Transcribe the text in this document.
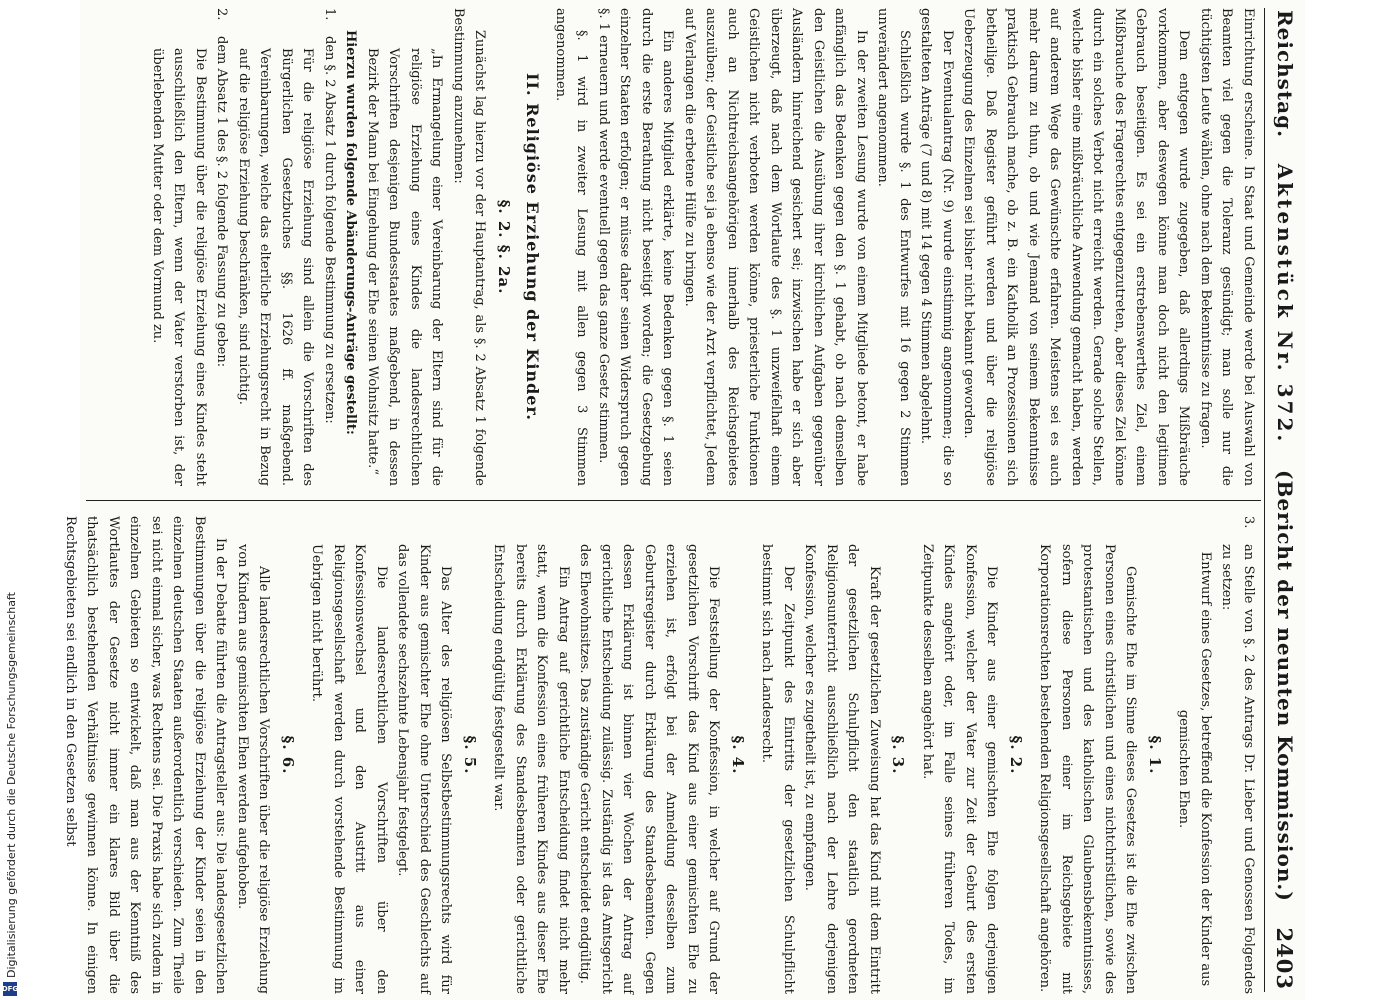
Digitalisierung gefördert durch die Deutsche Forschungsgemeinschaft
DFG
Reichstag.
Aktenstück Nr. 372.
(Bericht der neunten Kommission.)
2403

Einrichtung erscheine. In Staat und Gemeinde werde bei Auswahl von Beamten viel gegen die Toleranz gesündigt; man solle nur die tüchtigsten Leute wählen, ohne nach dem Bekenntnisse zu fragen.

Dem entgegen wurde zugegeben, daß allerdings Mißbräuche vorkommen, aber deswegen könne man doch nicht den legitimen Gebrauch beseitigen. Es sei ein erstrebenswerthes Ziel, einem Mißbrauche des Fragerechtes entgegenzutreten, aber dieses Ziel könne durch ein solches Verbot nicht erreicht werden. Gerade solche Stellen, welche bisher eine mißbräuchliche Anwendung gemacht haben, werden auf anderem Wege das Gewünschte erfahren. Meistens sei es auch mehr darum zu thun, ob und wie Jemand von seinem Bekenntnisse praktisch Gebrauch mache, ob z. B. ein Katholik an Prozessionen sich betheilige. Daß Register geführt werden und über die religiöse Ueberzeugung des Einzelnen sei bisher nicht bekannt geworden.

Der Eventualantrag (Nr. 9) wurde einstimmig angenommen; die so gestalteten Anträge (7 und 8) mit 14 gegen 4 Stimmen abgelehnt.

Schließlich wurde §. 1 des Entwurfes mit 16 gegen 2 Stimmen unverändert angenommen.

In der zweiten Lesung wurde von einem Mitgliede betont, er habe anfänglich das Bedenken gegen den §. 1 gehabt, ob nach demselben den Geistlichen die Ausübung ihrer kirchlichen Aufgaben gegenüber Ausländern hinreichend gesichert sei; inzwischen habe er sich aber überzeugt, daß nach dem Wortlaute des §. 1 unzweifelhaft einem Geistlichen nicht verboten werden könne, priesterliche Funktionen auch an Nichtreichsangehörigen innerhalb des Reichsgebietes auszuüben; der Geistliche sei ja ebenso wie der Arzt verpflichtet, Jedem auf Verlangen die erbetene Hülfe zu bringen.

Ein anderes Mitglied erklärte, keine Bedenken gegen §. 1 seien durch die erste Berathung nicht beseitigt worden; die Gesetzgebung einzelner Staaten erfolgen; er müsse daher seinen Widerspruch gegen §. 1 erneuern und werde eventuell gegen das ganze Gesetz stimmen.

§. 1 wird in zweiter Lesung mit allen gegen 3 Stimmen angenommen.

II. Religiöse Erziehung der Kinder.
§. 2. §. 2a.

Zunächst lag hierzu vor der Hauptantrag, als §. 2 Absatz 1 folgende Bestimmung anzunehmen:

„In Ermangelung einer Vereinbarung der Eltern sind für die religiöse Erziehung eines Kindes die landesrechtlichen Vorschriften desjenigen Bundesstaates maßgebend, in dessen Bezirk der Mann bei Eingehung der Ehe seinen Wohnsitz hatte.“

Hierzu wurden folgende Abänderungs-Anträge gestellt:

1.
den §. 2 Absatz 1 durch folgende Bestimmung zu ersetzen:

Für die religiöse Erziehung sind allein die Vorschriften des Bürgerlichen Gesetzbuches §§. 1626 ff. maßgebend. Vereinbarungen, welche das elterliche Erziehungsrecht in Bezug auf die religiöse Erziehung beschränken, sind nichtig.

2.
dem Absatz 1 des §. 2 folgende Fassung zu geben:

Die Bestimmung über die religiöse Erziehung eines Kindes steht ausschließlich den Eltern, wenn der Vater verstorben ist, der überlebenden Mutter oder dem Vormund zu.

3.
an Stelle von §. 2 des Antrags Dr. Lieber und Genossen Folgendes zu setzen:

Entwurf eines Gesetzes, betreffend die Konfession der Kinder aus gemischten Ehen.

§. 1.

Gemischte Ehe im Sinne dieses Gesetzes ist die Ehe zwischen Personen eines christlichen und eines nichtchristlichen, sowie des protestantischen und des katholischen Glaubensbekenntnisses, sofern diese Personen einer im Reichsgebiete mit Korporationsrechten bestehenden Religionsgesellschaft angehören.

§. 2.

Die Kinder aus einer gemischten Ehe folgen derjenigen Konfession, welcher der Vater zur Zeit der Geburt des ersten Kindes angehört oder, im Falle seines früheren Todes, im Zeitpunkte desselben angehört hat.

§. 3.

Kraft der gesetzlichen Zuweisung hat das Kind mit dem Eintritt der gesetzlichen Schulpflicht den staatlich geordneten Religionsunterricht ausschließlich nach der Lehre derjenigen Konfession, welcher es zugetheilt ist, zu empfangen.

Der Zeitpunkt des Eintritts der gesetzlichen Schulpflicht bestimmt sich nach Landesrecht.

§. 4.

Die Feststellung der Konfession, in welcher auf Grund der gesetzlichen Vorschrift das Kind aus einer gemischten Ehe zu erziehen ist, erfolgt bei der Anmeldung desselben zum Geburtsregister durch Erklärung des Standesbeamten. Gegen dessen Erklärung ist binnen vier Wochen der Antrag auf gerichtliche Entscheidung zulässig. Zuständig ist das Amtsgericht des Ehewohnsitzes. Das zuständige Gericht entscheidet endgültig.

Ein Antrag auf gerichtliche Entscheidung findet nicht mehr statt, wenn die Konfession eines früheren Kindes aus dieser Ehe bereits durch Erklärung des Standesbeamten oder gerichtliche Entscheidung endgültig festgestellt war.

§. 5.

Das Alter des religiösen Selbstbestimmungsrechts wird für Kinder aus gemischter Ehe ohne Unterschied des Geschlechts auf das vollendete sechszehnte Lebensjahr festgelegt.

Die landesrechtlichen Vorschriften über den Konfessionswechsel und den Austritt aus einer Religionsgesellschaft werden durch vorstehende Bestimmung im Uebrigen nicht berührt.

§. 6.

Alle landesrechtlichen Vorschriften über die religiöse Erziehung von Kindern aus gemischten Ehen werden aufgehoben.

In der Debatte führten die Antragsteller aus: Die landesgesetzlichen Bestimmungen über die religiöse Erziehung der Kinder seien in den einzelnen deutschen Staaten außerordentlich verschieden. Zum Theile sei nicht einmal sicher, was Rechtens sei. Die Praxis habe sich zudem in einzelnen Gebieten so entwickelt, daß man aus der Kenntniß des Wortlautes der Gesetze nicht immer ein klares Bild über die thatsächlich bestehenden Verhältnisse gewinnen könne. In einigen Rechtsgebieten sei endlich in den Gesetzen selbst
